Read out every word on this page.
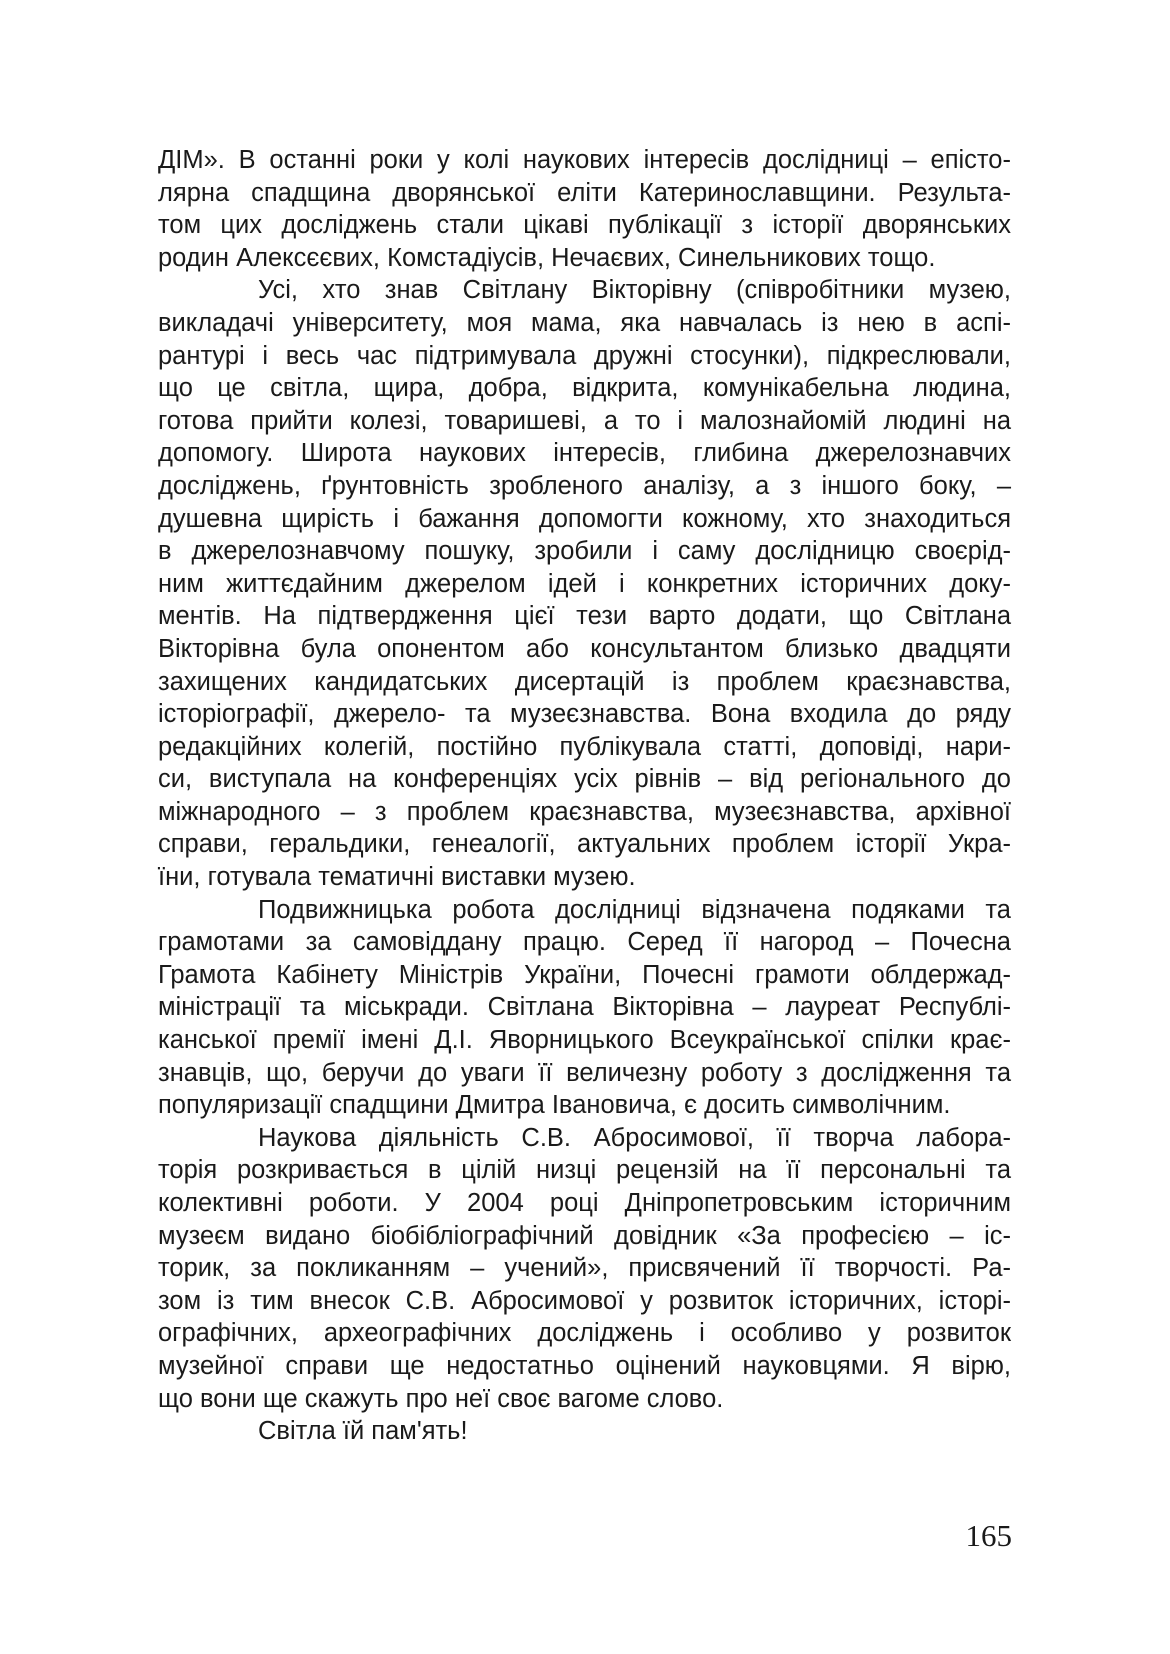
ДІМ». В останні роки у колі наукових інтересів дослідниці – епісто-
лярна спадщина дворянської еліти Катеринославщини. Результа-
том цих досліджень стали цікаві публікації з історії дворянських
родин Алексєєвих, Комстадіусів, Нечаєвих, Синельникових тощо.
Усі, хто знав Світлану Вікторівну (співробітники музею,
викладачі університету, моя мама, яка навчалась із нею в аспі-
рантурі і весь час підтримувала дружні стосунки), підкреслювали,
що це світла, щира, добра, відкрита, комунікабельна людина,
готова прийти колезі, товаришеві, а то і малознайомій людині на
допомогу. Широта наукових інтересів, глибина джерелознавчих
досліджень, ґрунтовність зробленого аналізу, а з іншого боку, –
душевна щирість і бажання допомогти кожному, хто знаходиться
в джерелознавчому пошуку, зробили і саму дослідницю своєрід-
ним життєдайним джерелом ідей і конкретних історичних доку-
ментів. На підтвердження цієї тези варто додати, що Світлана
Вікторівна була опонентом або консультантом близько двадцяти
захищених кандидатських дисертацій із проблем краєзнавства,
історіографії, джерело- та музеєзнавства. Вона входила до ряду
редакційних колегій, постійно публікувала статті, доповіді, нари-
си, виступала на конференціях усіх рівнів – від регіонального до
міжнародного – з проблем краєзнавства, музеєзнавства, архівної
справи, геральдики, генеалогії, актуальних проблем історії Укра-
їни, готувала тематичні виставки музею.
Подвижницька робота дослідниці відзначена подяками та
грамотами за самовіддану працю. Серед її нагород – Почесна
Грамота Кабінету Міністрів України, Почесні грамоти облдержад-
міністрації та міськради. Світлана Вікторівна – лауреат Республі-
канської премії імені Д.І. Яворницького Всеукраїнської спілки крає-
знавців, що, беручи до уваги її величезну роботу з дослідження та
популяризації спадщини Дмитра Івановича, є досить символічним.
Наукова діяльність С.В. Абросимової, її творча лабора-
торія розкривається в цілій низці рецензій на її персональні та
колективні роботи. У 2004 році Дніпропетровським історичним
музеєм видано біобібліографічний довідник «За професією – іс-
торик, за покликанням – учений», присвячений її творчості. Ра-
зом із тим внесок С.В. Абросимової у розвиток історичних, історі-
ографічних, археографічних досліджень і особливо у розвиток
музейної справи ще недостатньо оцінений науковцями. Я вірю,
що вони ще скажуть про неї своє вагоме слово.
Світла їй пам'ять!
165
